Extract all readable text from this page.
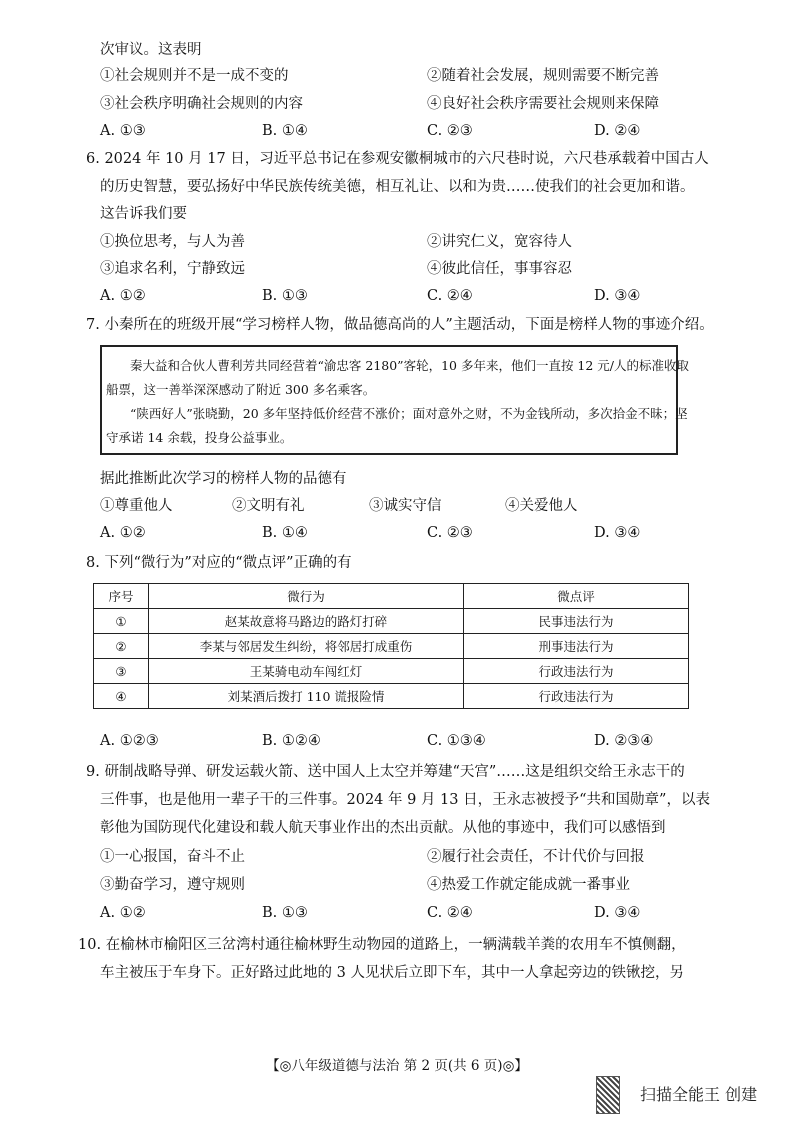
次审议。这表明
①社会规则并不是一成不变的	②随着社会发展，规则需要不断完善
③社会秩序明确社会规则的内容	④良好社会秩序需要社会规则来保障
A. ①③	B. ①④	C. ②③	D. ②④
6. 2024 年 10 月 17 日，习近平总书记在参观安徽桐城市的六尺巷时说，六尺巷承载着中国古人
的历史智慧，要弘扬好中华民族传统美德，相互礼让、以和为贵……使我们的社会更加和谐。
这告诉我们要
①换位思考，与人为善	②讲究仁义，宽容待人
③追求名利，宁静致远	④彼此信任，事事容忍
A. ①②	B. ①③	C. ②④	D. ③④
7. 小秦所在的班级开展“学习榜样人物，做品德高尚的人”主题活动，下面是榜样人物的事迹介绍。
秦大益和合伙人曹利芳共同经营着“渝忠客 2180”客轮，10 多年来，他们一直按 12 元/人的标准收取
船票，这一善举深深感动了附近 300 多名乘客。
“陕西好人”张晓勤，20 多年坚持低价经营不涨价；面对意外之财，不为金钱所动，多次拾金不昧；坚
守承诺 14 余载，投身公益事业。
据此推断此次学习的榜样人物的品德有
①尊重他人	②文明有礼	③诚实守信	④关爱他人
A. ①②	B. ①④	C. ②③	D. ③④
8. 下列“微行为”对应的“微点评”正确的有
序号	微行为	微点评
①	赵某故意将马路边的路灯打碎	民事违法行为
②	李某与邻居发生纠纷，将邻居打成重伤	刑事违法行为
③	王某骑电动车闯红灯	行政违法行为
④	刘某酒后拨打 110 谎报险情	行政违法行为
A. ①②③	B. ①②④	C. ①③④	D. ②③④
9. 研制战略导弹、研发运载火箭、送中国人上太空并筹建“天宫”……这是组织交给王永志干的
三件事，也是他用一辈子干的三件事。2024 年 9 月 13 日，王永志被授予“共和国勋章”，以表
彰他为国防现代化建设和载人航天事业作出的杰出贡献。从他的事迹中，我们可以感悟到
①一心报国，奋斗不止	②履行社会责任，不计代价与回报
③勤奋学习，遵守规则	④热爱工作就定能成就一番事业
A. ①②	B. ①③	C. ②④	D. ③④
10. 在榆林市榆阳区三岔湾村通往榆林野生动物园的道路上，一辆满载羊粪的农用车不慎侧翻，
车主被压于车身下。正好路过此地的 3 人见状后立即下车，其中一人拿起旁边的铁锹挖，另
【◎八年级道德与法治 第 2 页(共 6 页)◎】
扫描全能王 创建
